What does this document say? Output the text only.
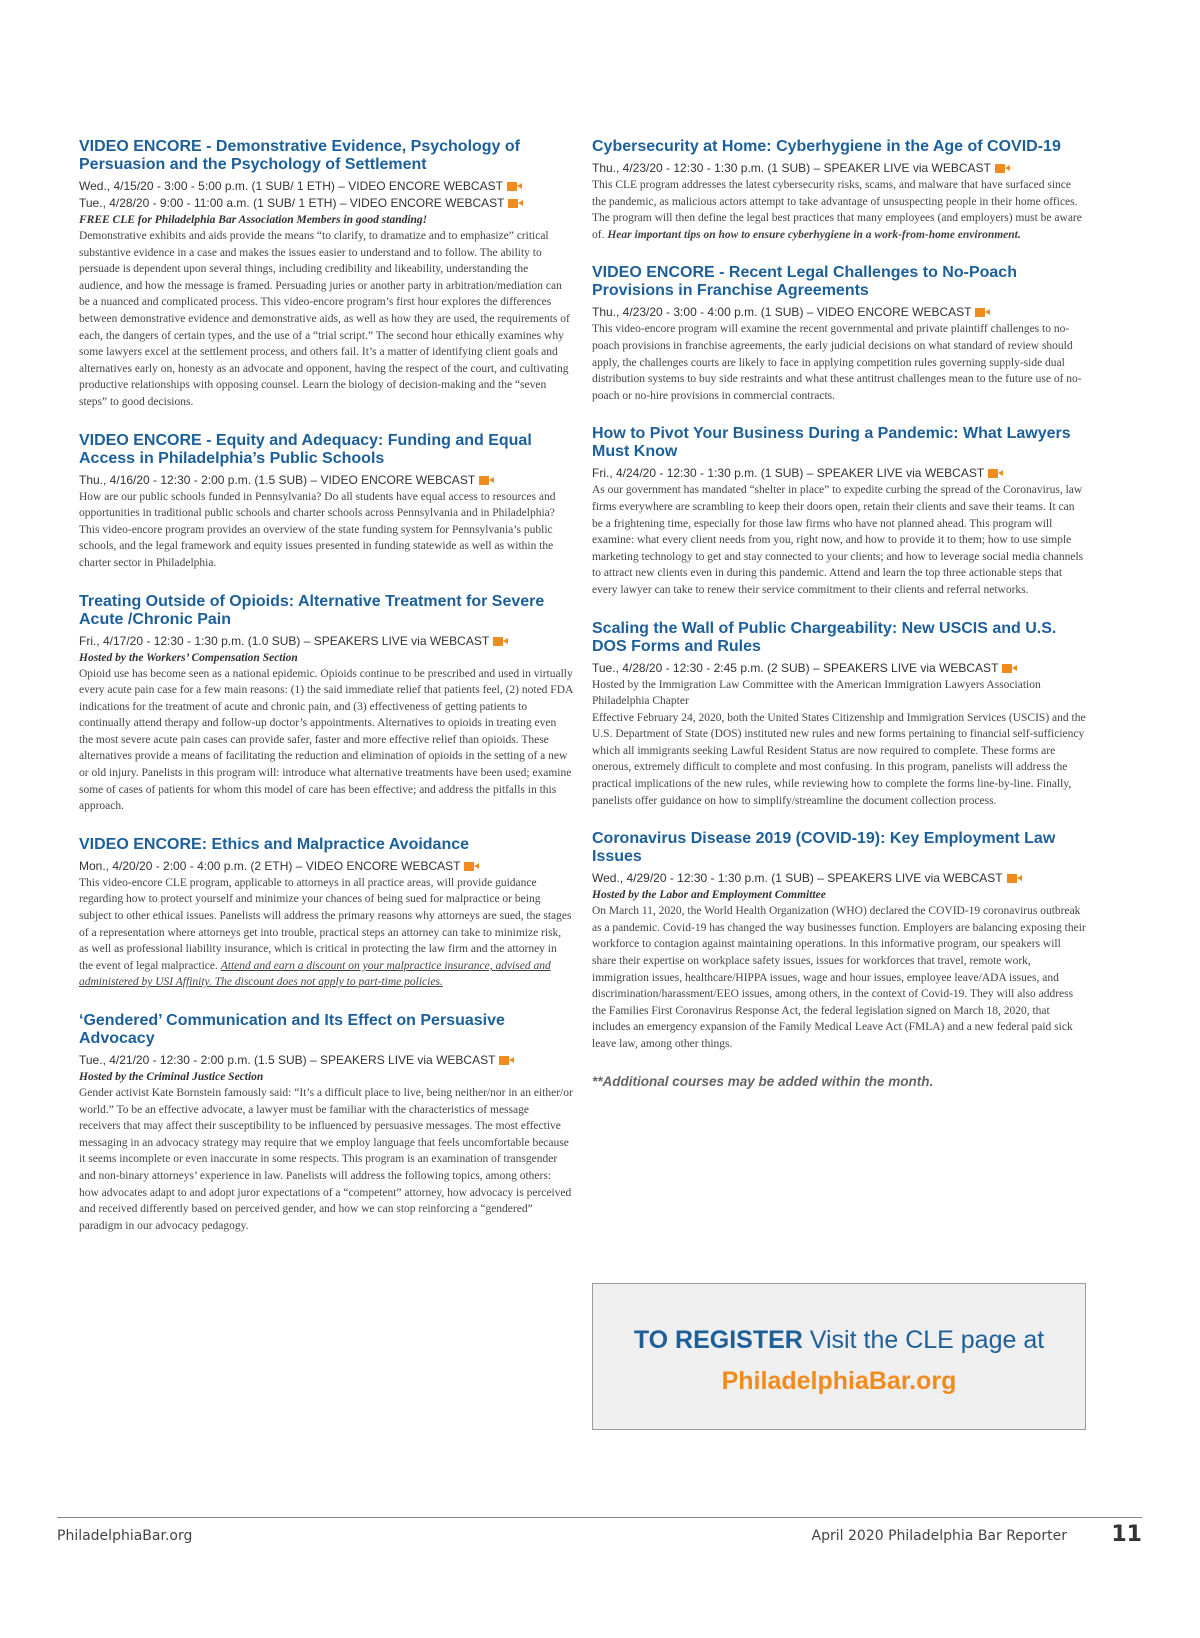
VIDEO ENCORE - Demonstrative Evidence, Psychology of Persuasion and the Psychology of Settlement
Wed., 4/15/20 - 3:00 - 5:00 p.m. (1 SUB/ 1 ETH) – VIDEO ENCORE WEBCAST
Tue., 4/28/20 - 9:00 - 11:00 a.m. (1 SUB/ 1 ETH) – VIDEO ENCORE WEBCAST
FREE CLE for Philadelphia Bar Association Members in good standing!
Demonstrative exhibits and aids provide the means “to clarify, to dramatize and to emphasize” critical substantive evidence in a case and makes the issues easier to understand and to follow. The ability to persuade is dependent upon several things, including credibility and likeability, understanding the audience, and how the message is framed. Persuading juries or another party in arbitration/mediation can be a nuanced and complicated process. This video-encore program’s first hour explores the differences between demonstrative evidence and demonstrative aids, as well as how they are used, the requirements of each, the dangers of certain types, and the use of a “trial script.” The second hour ethically examines why some lawyers excel at the settlement process, and others fail. It’s a matter of identifying client goals and alternatives early on, honesty as an advocate and opponent, having the respect of the court, and cultivating productive relationships with opposing counsel. Learn the biology of decision-making and the “seven steps” to good decisions.
VIDEO ENCORE - Equity and Adequacy: Funding and Equal Access in Philadelphia’s Public Schools
Thu., 4/16/20 - 12:30 - 2:00 p.m. (1.5 SUB) – VIDEO ENCORE WEBCAST
How are our public schools funded in Pennsylvania? Do all students have equal access to resources and opportunities in traditional public schools and charter schools across Pennsylvania and in Philadelphia? This video-encore program provides an overview of the state funding system for Pennsylvania’s public schools, and the legal framework and equity issues presented in funding statewide as well as within the charter sector in Philadelphia.
Treating Outside of Opioids: Alternative Treatment for Severe Acute /Chronic Pain
Fri., 4/17/20 - 12:30 - 1:30 p.m. (1.0 SUB) – SPEAKERS LIVE via WEBCAST
Hosted by the Workers’ Compensation Section
Opioid use has become seen as a national epidemic. Opioids continue to be prescribed and used in virtually every acute pain case for a few main reasons: (1) the said immediate relief that patients feel, (2) noted FDA indications for the treatment of acute and chronic pain, and (3) effectiveness of getting patients to continually attend therapy and follow-up doctor’s appointments. Alternatives to opioids in treating even the most severe acute pain cases can provide safer, faster and more effective relief than opioids. These alternatives provide a means of facilitating the reduction and elimination of opioids in the setting of a new or old injury. Panelists in this program will: introduce what alternative treatments have been used; examine some of cases of patients for whom this model of care has been effective; and address the pitfalls in this approach.
VIDEO ENCORE: Ethics and Malpractice Avoidance
Mon., 4/20/20 - 2:00 - 4:00 p.m. (2 ETH) – VIDEO ENCORE WEBCAST
This video-encore CLE program, applicable to attorneys in all practice areas, will provide guidance regarding how to protect yourself and minimize your chances of being sued for malpractice or being subject to other ethical issues. Panelists will address the primary reasons why attorneys are sued, the stages of a representation where attorneys get into trouble, practical steps an attorney can take to minimize risk, as well as professional liability insurance, which is critical in protecting the law firm and the attorney in the event of legal malpractice. Attend and earn a discount on your malpractice insurance, advised and administered by USI Affinity. The discount does not apply to part-time policies.
‘Gendered’ Communication and Its Effect on Persuasive Advocacy
Tue., 4/21/20 - 12:30 - 2:00 p.m. (1.5 SUB) – SPEAKERS LIVE via WEBCAST
Hosted by the Criminal Justice Section
Gender activist Kate Bornstein famously said: “It’s a difficult place to live, being neither/nor in an either/or world.” To be an effective advocate, a lawyer must be familiar with the characteristics of message receivers that may affect their susceptibility to be influenced by persuasive messages. The most effective messaging in an advocacy strategy may require that we employ language that feels uncomfortable because it seems incomplete or even inaccurate in some respects. This program is an examination of transgender and non-binary attorneys’ experience in law. Panelists will address the following topics, among others: how advocates adapt to and adopt juror expectations of a “competent” attorney, how advocacy is perceived and received differently based on perceived gender, and how we can stop reinforcing a “gendered” paradigm in our advocacy pedagogy.
Cybersecurity at Home: Cyberhygiene in the Age of COVID-19
Thu., 4/23/20 - 12:30 - 1:30 p.m. (1 SUB) – SPEAKER LIVE via WEBCAST
This CLE program addresses the latest cybersecurity risks, scams, and malware that have surfaced since the pandemic, as malicious actors attempt to take advantage of unsuspecting people in their home offices. The program will then define the legal best practices that many employees (and employers) must be aware of. Hear important tips on how to ensure cyberhygiene in a work-from-home environment.
VIDEO ENCORE - Recent Legal Challenges to No-Poach Provisions in Franchise Agreements
Thu., 4/23/20 - 3:00 - 4:00 p.m. (1 SUB) – VIDEO ENCORE WEBCAST
This video-encore program will examine the recent governmental and private plaintiff challenges to no-poach provisions in franchise agreements, the early judicial decisions on what standard of review should apply, the challenges courts are likely to face in applying competition rules governing supply-side dual distribution systems to buy side restraints and what these antitrust challenges mean to the future use of no-poach or no-hire provisions in commercial contracts.
How to Pivot Your Business During a Pandemic: What Lawyers Must Know
Fri., 4/24/20 - 12:30 - 1:30 p.m. (1 SUB) – SPEAKER LIVE via WEBCAST
As our government has mandated “shelter in place” to expedite curbing the spread of the Coronavirus, law firms everywhere are scrambling to keep their doors open, retain their clients and save their teams. It can be a frightening time, especially for those law firms who have not planned ahead. This program will examine: what every client needs from you, right now, and how to provide it to them; how to use simple marketing technology to get and stay connected to your clients; and how to leverage social media channels to attract new clients even in during this pandemic. Attend and learn the top three actionable steps that every lawyer can take to renew their service commitment to their clients and referral networks.
Scaling the Wall of Public Chargeability: New USCIS and U.S. DOS Forms and Rules
Tue., 4/28/20 - 12:30 - 2:45 p.m. (2 SUB) – SPEAKERS LIVE via WEBCAST
Hosted by the Immigration Law Committee with the American Immigration Lawyers Association Philadelphia Chapter
Effective February 24, 2020, both the United States Citizenship and Immigration Services (USCIS) and the U.S. Department of State (DOS) instituted new rules and new forms pertaining to financial self-sufficiency which all immigrants seeking Lawful Resident Status are now required to complete. These forms are onerous, extremely difficult to complete and most confusing. In this program, panelists will address the practical implications of the new rules, while reviewing how to complete the forms line-by-line. Finally, panelists offer guidance on how to simplify/streamline the document collection process.
Coronavirus Disease 2019 (COVID-19): Key Employment Law Issues
Wed., 4/29/20 - 12:30 - 1:30 p.m. (1 SUB) – SPEAKERS LIVE via WEBCAST
Hosted by the Labor and Employment Committee
On March 11, 2020, the World Health Organization (WHO) declared the COVID-19 coronavirus outbreak as a pandemic. Covid-19 has changed the way businesses function. Employers are balancing exposing their workforce to contagion against maintaining operations. In this informative program, our speakers will share their expertise on workplace safety issues, issues for workforces that travel, remote work, immigration issues, healthcare/HIPPA issues, wage and hour issues, employee leave/ADA issues, and discrimination/harassment/EEO issues, among others, in the context of Covid-19. They will also address the Families First Coronavirus Response Act, the federal legislation signed on March 18, 2020, that includes an emergency expansion of the Family Medical Leave Act (FMLA) and a new federal paid sick leave law, among other things.
**Additional courses may be added within the month.
TO REGISTER Visit the CLE page at
PhiladelphiaBar.org
PhiladelphiaBar.org	April 2020 Philadelphia Bar Reporter 11
